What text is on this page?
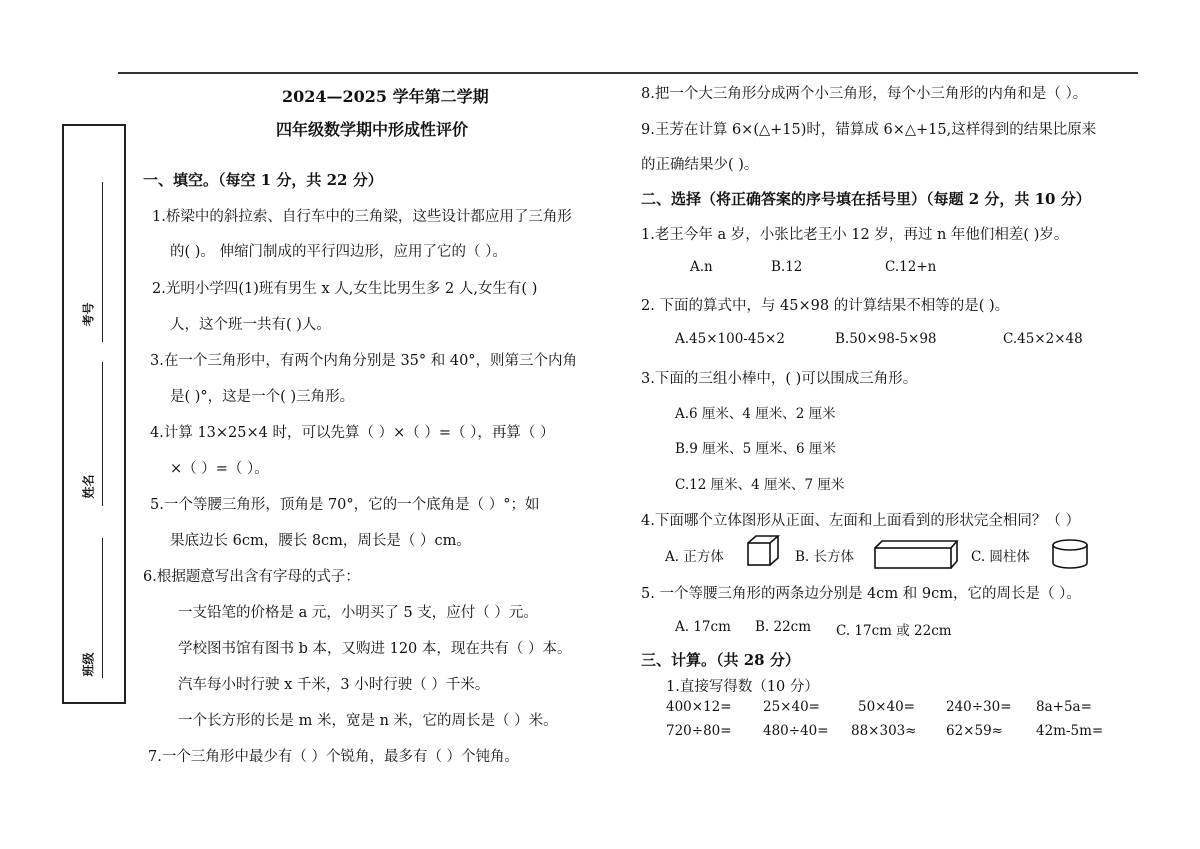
考号
姓名
班级
2024—2025 学年第二学期
四年级数学期中形成性评价
一、填空。（每空 1 分，共 22 分）
1.桥梁中的斜拉索、自行车中的三角梁，这些设计都应用了三角形
的( )。 伸缩门制成的平行四边形，应用了它的（ ）。
2.光明小学四(1)班有男生 x 人,女生比男生多 2 人,女生有( )
人，这个班一共有( )人。
3.在一个三角形中，有两个内角分别是 35° 和 40°，则第三个内角
是( )°，这是一个( )三角形。
4.计算 13×25×4 时，可以先算（ ）×（ ）=（ ），再算（ ）
×（ ）=（ ）。
5.一个等腰三角形，顶角是 70°，它的一个底角是（ ）°；如
果底边长 6cm，腰长 8cm，周长是（ ）cm。
6.根据题意写出含有字母的式子：
一支铅笔的价格是 a 元，小明买了 5 支，应付（ ）元。
学校图书馆有图书 b 本，又购进 120 本，现在共有（ ）本。
汽车每小时行驶 x 千米，3 小时行驶（ ）千米。
一个长方形的长是 m 米，宽是 n 米，它的周长是（ ）米。
7.一个三角形中最少有（ ）个锐角，最多有（ ）个钝角。
8.把一个大三角形分成两个小三角形，每个小三角形的内角和是（ ）。
9.王芳在计算 6×(△+15)时，错算成 6×△+15,这样得到的结果比原来
的正确结果少( )。
二、选择（将正确答案的序号填在括号里）（每题 2 分，共 10 分）
1.老王今年 a 岁，小张比老王小 12 岁，再过 n 年他们相差( )岁。
A.n	B.12	C.12+n
2. 下面的算式中，与 45×98 的计算结果不相等的是( )。
A.45×100-45×2	B.50×98-5×98	C.45×2×48
3.下面的三组小棒中，( )可以围成三角形。
A.6 厘米、4 厘米、2 厘米
B.9 厘米、5 厘米、6 厘米
C.12 厘米、4 厘米、7 厘米
4.下面哪个立体图形从正面、左面和上面看到的形状完全相同？（ ）
A. 正方体	B. 长方体	C. 圆柱体
5. 一个等腰三角形的两条边分别是 4cm 和 9cm，它的周长是（ ）。
A. 17cm B. 22cm C. 17cm 或 22cm
三、计算。（共 28 分）
1.直接写得数（10 分）
400×12= 25×40=	50×40= 240÷30= 8a+5a=
720÷80= 480÷40= 88×303≈ 62×59≈ 42m-5m=
